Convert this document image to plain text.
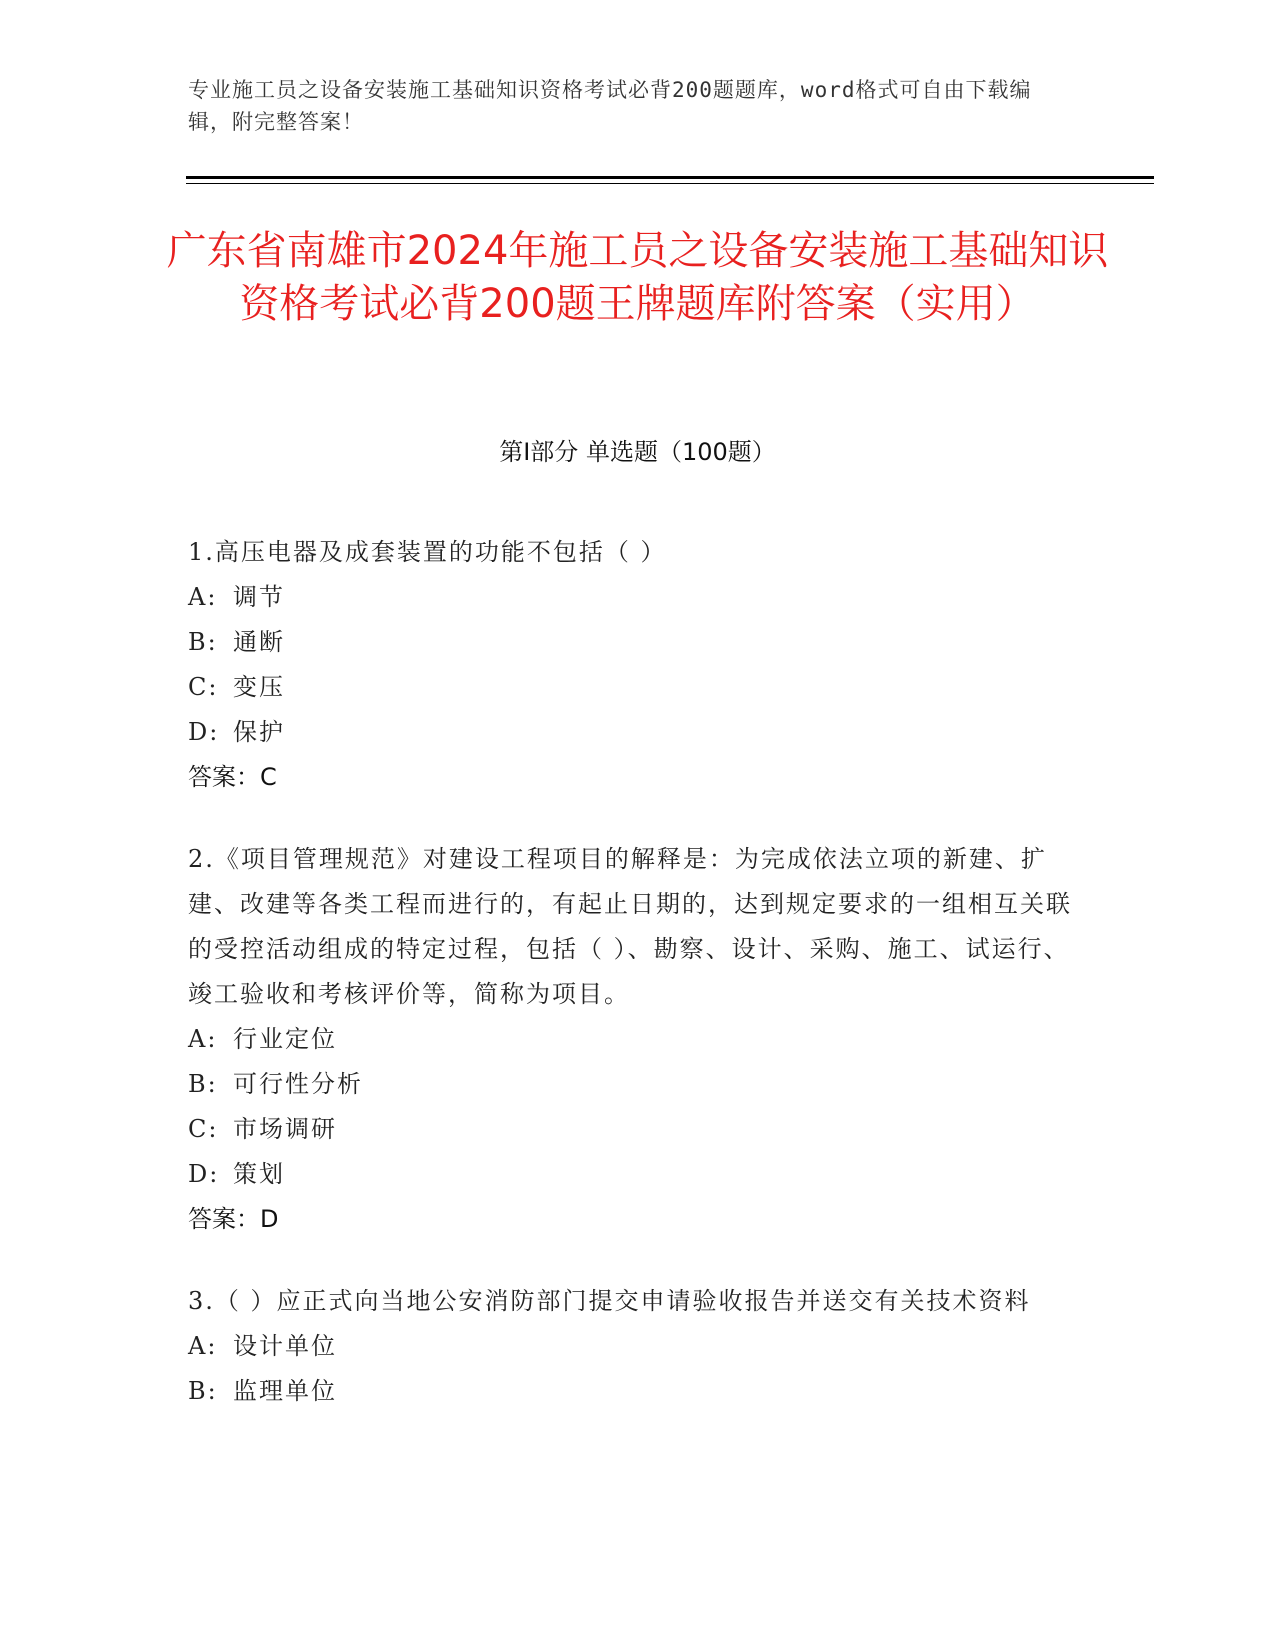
专业施工员之设备安装施工基础知识资格考试必背200题题库，word格式可自由下载编辑，附完整答案！
广东省南雄市2024年施工员之设备安装施工基础知识资格考试必背200题王牌题库附答案（实用）
第Ⅰ部分 单选题（100题）
1.高压电器及成套装置的功能不包括（ ）
A: 调节
B: 通断
C: 变压
D: 保护
答案：C
2.《项目管理规范》对建设工程项目的解释是：为完成依法立项的新建、扩建、改建等各类工程而进行的，有起止日期的，达到规定要求的一组相互关联的受控活动组成的特定过程，包括（ ）、勘察、设计、采购、施工、试运行、竣工验收和考核评价等，简称为项目。
A: 行业定位
B: 可行性分析
C: 市场调研
D: 策划
答案：D
3.（ ）应正式向当地公安消防部门提交申请验收报告并送交有关技术资料
A: 设计单位
B: 监理单位
